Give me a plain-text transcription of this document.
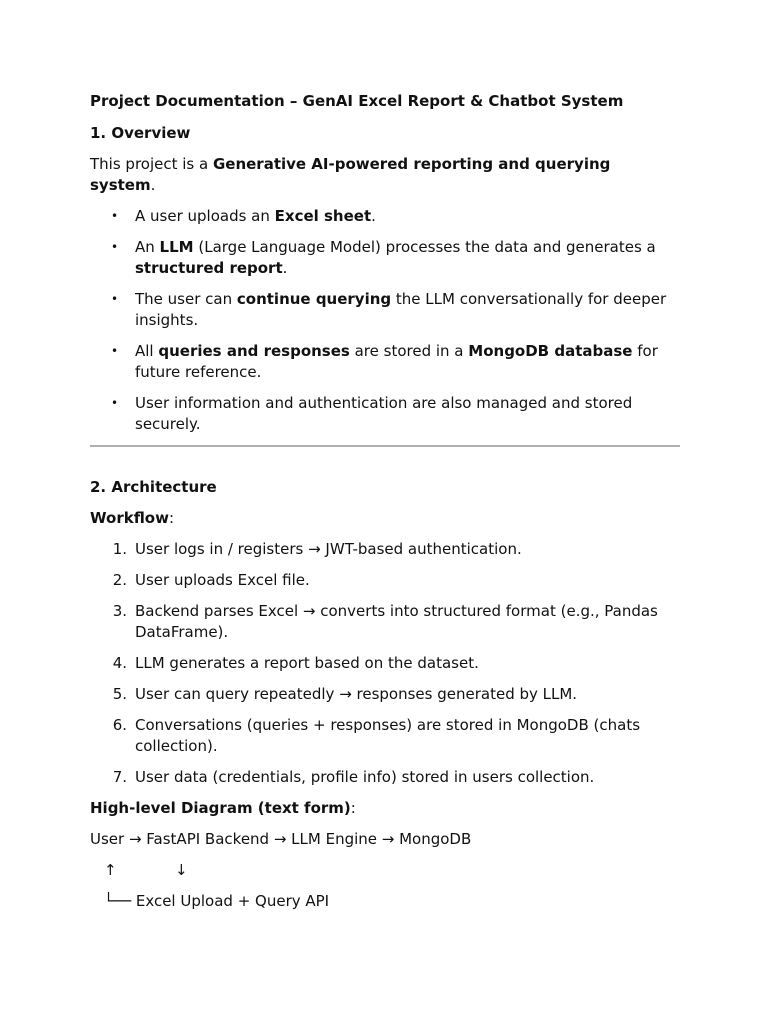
Project Documentation – GenAI Excel Report & Chatbot System

1. Overview

This project is a Generative AI-powered reporting and querying system.

• A user uploads an Excel sheet.
• An LLM (Large Language Model) processes the data and generates a structured report.
• The user can continue querying the LLM conversationally for deeper insights.
• All queries and responses are stored in a MongoDB database for future reference.
• User information and authentication are also managed and stored securely.

2. Architecture

Workflow:

1. User logs in / registers → JWT-based authentication.
2. User uploads Excel file.
3. Backend parses Excel → converts into structured format (e.g., Pandas DataFrame).
4. LLM generates a report based on the dataset.
5. User can query repeatedly → responses generated by LLM.
6. Conversations (queries + responses) are stored in MongoDB (chats collection).
7. User data (credentials, profile info) stored in users collection.

High-level Diagram (text form):

User → FastAPI Backend → LLM Engine → MongoDB

↑	↓

└── Excel Upload + Query API
